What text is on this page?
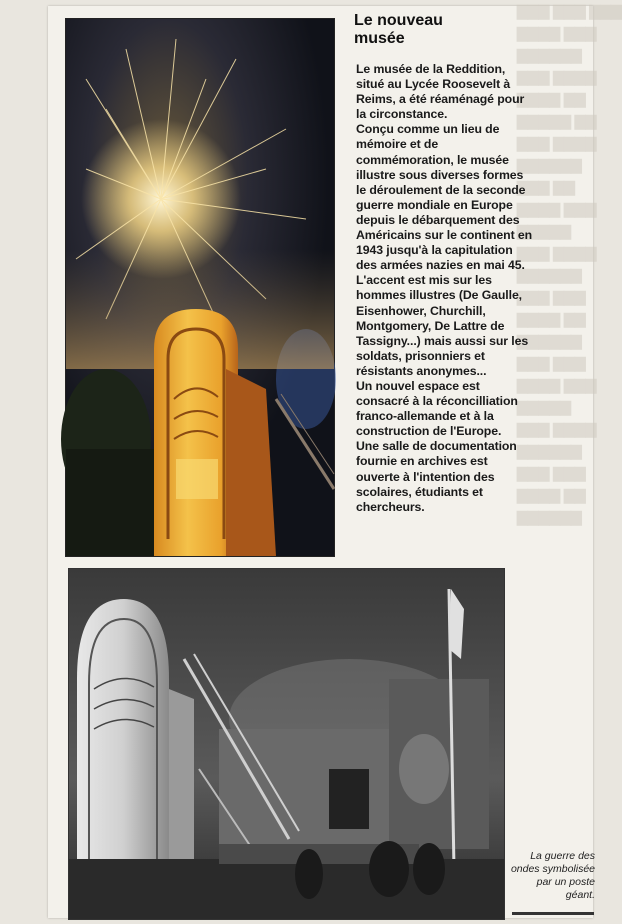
▇▇▇ ▇▇▇ ▇▇▇
▇▇▇▇ ▇▇▇
▇▇▇▇▇▇
▇▇▇ ▇▇▇▇
▇▇▇▇ ▇▇
▇▇▇▇▇ ▇▇
▇▇▇ ▇▇▇▇
▇▇▇▇▇▇
▇▇▇ ▇▇
▇▇▇▇ ▇▇▇
▇▇▇▇▇
▇▇▇ ▇▇▇▇
▇▇▇▇▇▇
▇▇▇ ▇▇▇
▇▇▇▇ ▇▇
▇▇▇▇▇▇
▇▇▇ ▇▇▇
▇▇▇▇ ▇▇▇
▇▇▇▇▇
▇▇▇ ▇▇▇▇
▇▇▇▇▇▇
▇▇▇ ▇▇▇
▇▇▇▇ ▇▇
▇▇▇▇▇▇
Le nouveau
musée

Le musée de la Reddition, situé au Lycée Roosevelt à Reims, a été réaménagé pour la circonstance.

Conçu comme un lieu de mémoire et de commémoration, le musée illustre sous diverses formes le déroulement de la seconde guerre mondiale en Europe depuis le débarquement des Américains sur le continent en 1943 jusqu'à la capitulation des armées nazies en mai 45.

L'accent est mis sur les hommes illustres (De Gaulle, Eisenhower, Churchill, Montgomery, De Lattre de Tassigny...) mais aussi sur les soldats, prisonniers et résistants anonymes...

Un nouvel espace est consacré à la réconcilliation franco-allemande et à la construction de l'Europe.

Une salle de documentation fournie en archives est ouverte à l'intention des scolaires, étudiants et chercheurs.

La guerre des ondes symbolisée par un poste géant.
